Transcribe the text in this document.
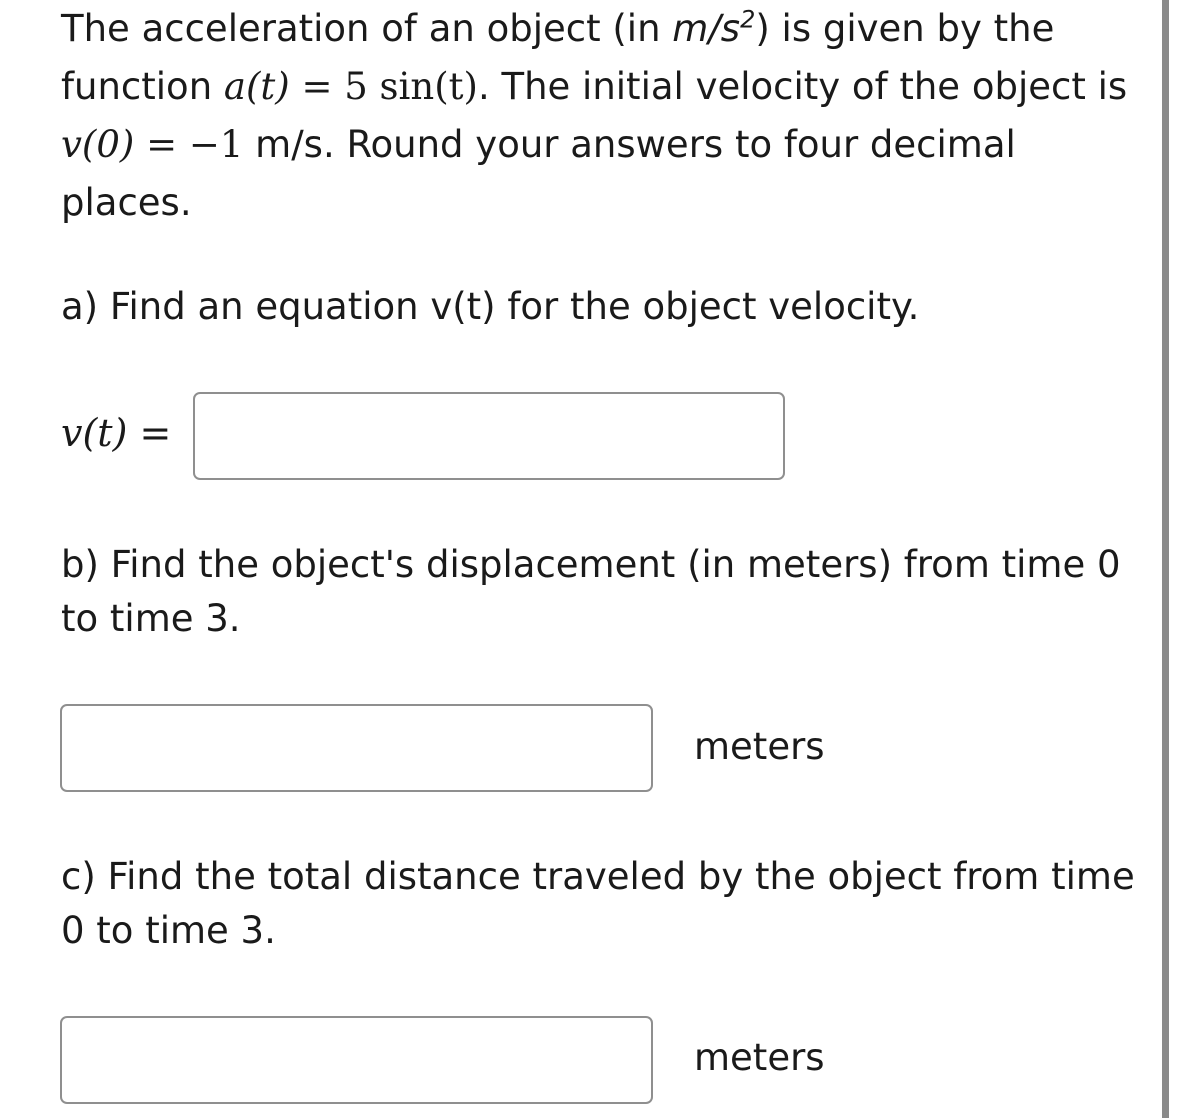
The acceleration of an object (in $m/s^2$) is given by the function a(t) = 5 sin(t). The initial velocity of the object is v(0) = −1 m/s. Round your answers to four decimal places.

a) Find an equation v(t) for the object velocity.

v(t) =

b) Find the object's displacement (in meters) from time 0 to time 3.

meters

c) Find the total distance traveled by the object from time 0 to time 3.

meters
